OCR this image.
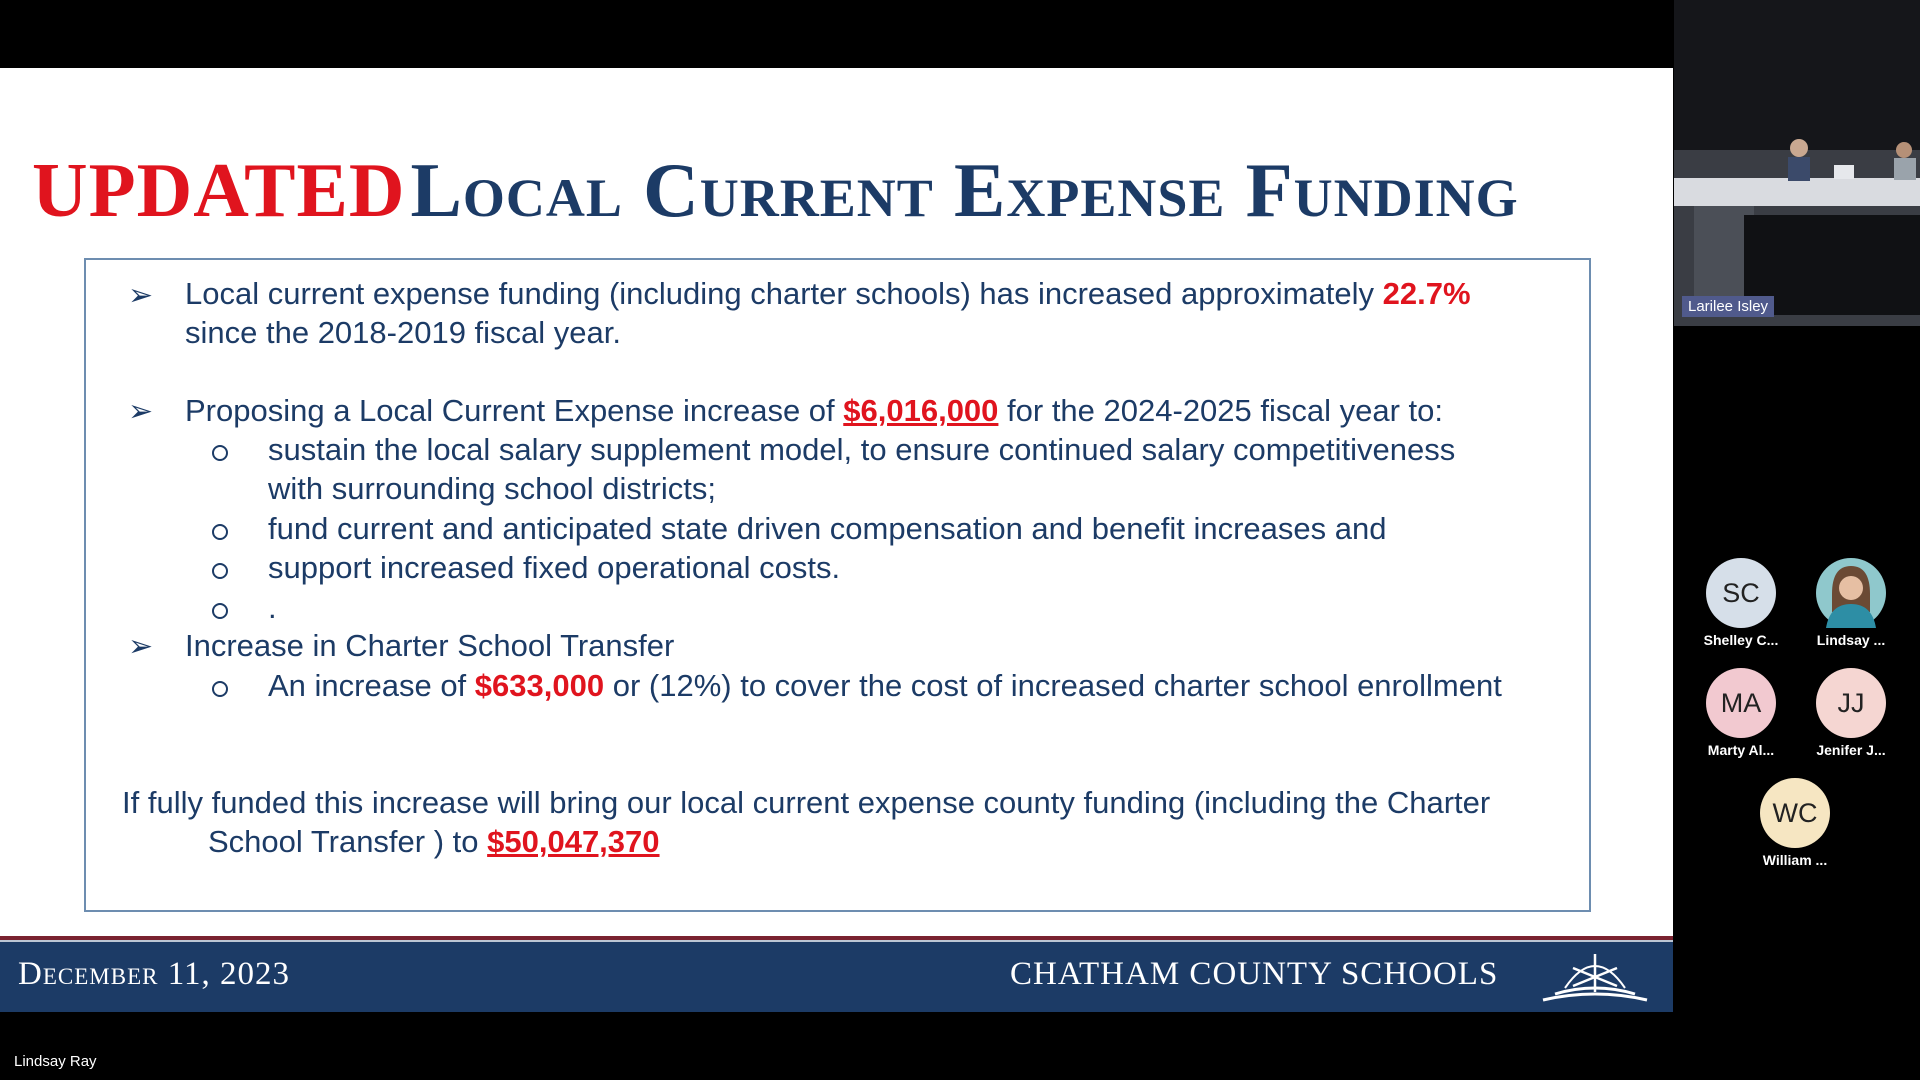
UPDATED Local Current Expense Funding
➢ Local current expense funding (including charter schools) has increased approximately 22.7%
since the 2018-2019 fiscal year.
➢ Proposing a Local Current Expense increase of $6,016,000 for the 2024-2025 fiscal year to:
sustain the local salary supplement model, to ensure continued salary competitiveness
with surrounding school districts;
fund current and anticipated state driven compensation and benefit increases and
support increased fixed operational costs.
.
➢ Increase in Charter School Transfer
An increase of $633,000 or (12%) to cover the cost of increased charter school enrollment
If fully funded this increase will bring our local current expense county funding (including the Charter
School Transfer ) to $50,047,370
December 11, 2023	CHATHAM COUNTY SCHOOLS
Larilee Isley
SC
Shelley C...	Lindsay ...
MA
Marty Al...
JJ
Jenifer J...
WC
William ...
Lindsay Ray
